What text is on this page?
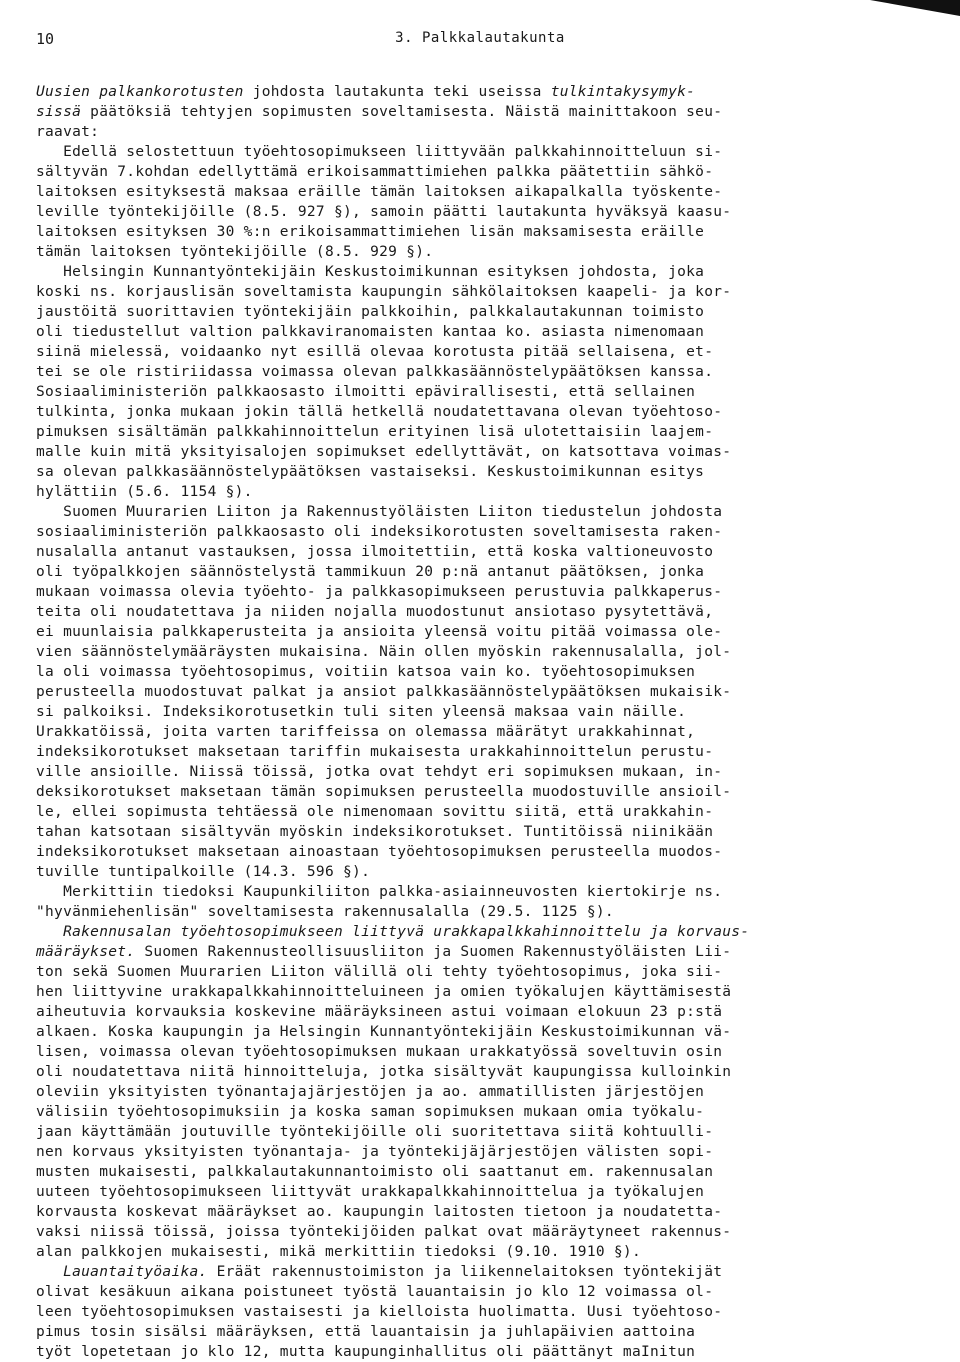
10	3. Palkkalautakunta
Uusien palkankorotusten johdosta lautakunta teki useissa tulkintakysymyk-
sissä päätöksiä tehtyjen sopimusten soveltamisesta. Näistä mainittakoon seu-
raavat:
Edellä selostettuun työehtosopimukseen liittyvään palkkahinnoitteluun si-
sältyvän 7.kohdan edellyttämä erikoisammattimiehen palkka päätettiin sähkö-
laitoksen esityksestä maksaa eräille tämän laitoksen aikapalkalla työskente-
leville työntekijöille (8.5. 927 §), samoin päätti lautakunta hyväksyä kaasu-
laitoksen esityksen 30 %:n erikoisammattimiehen lisän maksamisesta eräille
tämän laitoksen työntekijöille (8.5. 929 §).
Helsingin Kunnantyöntekijäin Keskustoimikunnan esityksen johdosta, joka
koski ns. korjauslisän soveltamista kaupungin sähkölaitoksen kaapeli- ja kor-
jaustöitä suorittavien työntekijäin palkkoihin, palkkalautakunnan toimisto
oli tiedustellut valtion palkkaviranomaisten kantaa ko. asiasta nimenomaan
siinä mielessä, voidaanko nyt esillä olevaa korotusta pitää sellaisena, et-
tei se ole ristiriidassa voimassa olevan palkkasäännöstelypäätöksen kanssa.
Sosiaaliministeriön palkkaosasto ilmoitti epävirallisesti, että sellainen
tulkinta, jonka mukaan jokin tällä hetkellä noudatettavana olevan työehtoso-
pimuksen sisältämän palkkahinnoittelun erityinen lisä ulotettaisiin laajem-
malle kuin mitä yksityisalojen sopimukset edellyttävät, on katsottava voimas-
sa olevan palkkasäännöstelypäätöksen vastaiseksi. Keskustoimikunnan esitys
hylättiin (5.6. 1154 §).
Suomen Muurarien Liiton ja Rakennustyöläisten Liiton tiedustelun johdosta
sosiaaliministeriön palkkaosasto oli indeksikorotusten soveltamisesta raken-
nusalalla antanut vastauksen, jossa ilmoitettiin, että koska valtioneuvosto
oli työpalkkojen säännöstelystä tammikuun 20 p:nä antanut päätöksen, jonka
mukaan voimassa olevia työehto- ja palkkasopimukseen perustuvia palkkaperus-
teita oli noudatettava ja niiden nojalla muodostunut ansiotaso pysytettävä,
ei muunlaisia palkkaperusteita ja ansioita yleensä voitu pitää voimassa ole-
vien säännöstelymääräysten mukaisina. Näin ollen myöskin rakennusalalla, jol-
la oli voimassa työehtosopimus, voitiin katsoa vain ko. työehtosopimuksen
perusteella muodostuvat palkat ja ansiot palkkasäännöstelypäätöksen mukaisik-
si palkoiksi. Indeksikorotusetkin tuli siten yleensä maksaa vain näille.
Urakkatöissä, joita varten tariffeissa on olemassa määrätyt urakkahinnat,
indeksikorotukset maksetaan tariffin mukaisesta urakkahinnoittelun perustu-
ville ansioille. Niissä töissä, jotka ovat tehdyt eri sopimuksen mukaan, in-
deksikorotukset maksetaan tämän sopimuksen perusteella muodostuville ansioil-
le, ellei sopimusta tehtäessä ole nimenomaan sovittu siitä, että urakkahin-
tahan katsotaan sisältyvän myöskin indeksikorotukset. Tuntitöissä niinikään
indeksikorotukset maksetaan ainoastaan työehtosopimuksen perusteella muodos-
tuville tuntipalkoille (14.3. 596 §).
Merkittiin tiedoksi Kaupunkiliiton palkka-asiainneuvosten kiertokirje ns.
"hyvänmiehenlisän" soveltamisesta rakennusalalla (29.5. 1125 §).
Rakennusalan työehtosopimukseen liittyvä urakkapalkkahinnoittelu ja korvaus-
määräykset. Suomen Rakennusteollisuusliiton ja Suomen Rakennustyöläisten Lii-
ton sekä Suomen Muurarien Liiton välillä oli tehty työehtosopimus, joka sii-
hen liittyvine urakkapalkkahinnoitteluineen ja omien työkalujen käyttämisestä
aiheutuvia korvauksia koskevine määräyksineen astui voimaan elokuun 23 p:stä
alkaen. Koska kaupungin ja Helsingin Kunnantyöntekijäin Keskustoimikunnan vä-
lisen, voimassa olevan työehtosopimuksen mukaan urakkatyössä soveltuvin osin
oli noudatettava niitä hinnoitteluja, jotka sisältyvät kaupungissa kulloinkin
oleviin yksityisten työnantajajärjestöjen ja ao. ammatillisten järjestöjen
välisiin työehtosopimuksiin ja koska saman sopimuksen mukaan omia työkalu-
jaan käyttämään joutuville työntekijöille oli suoritettava siitä kohtuulli-
nen korvaus yksityisten työnantaja- ja työntekijäjärjestöjen välisten sopi-
musten mukaisesti, palkkalautakunnantoimisto oli saattanut em. rakennusalan
uuteen työehtosopimukseen liittyvät urakkapalkkahinnoittelua ja työkalujen
korvausta koskevat määräykset ao. kaupungin laitosten tietoon ja noudatetta-
vaksi niissä töissä, joissa työntekijöiden palkat ovat määräytyneet rakennus-
alan palkkojen mukaisesti, mikä merkittiin tiedoksi (9.10. 1910 §).
Lauantaityöaika. Eräät rakennustoimiston ja liikennelaitoksen työntekijät
olivat kesäkuun aikana poistuneet työstä lauantaisin jo klo 12 voimassa ol-
leen työehtosopimuksen vastaisesti ja kielloista huolimatta. Uusi työehtoso-
pimus tosin sisälsi määräyksen, että lauantaisin ja juhlapäivien aattoina
työt lopetetaan jo klo 12, mutta kaupunginhallitus oli päättänyt maInitun
